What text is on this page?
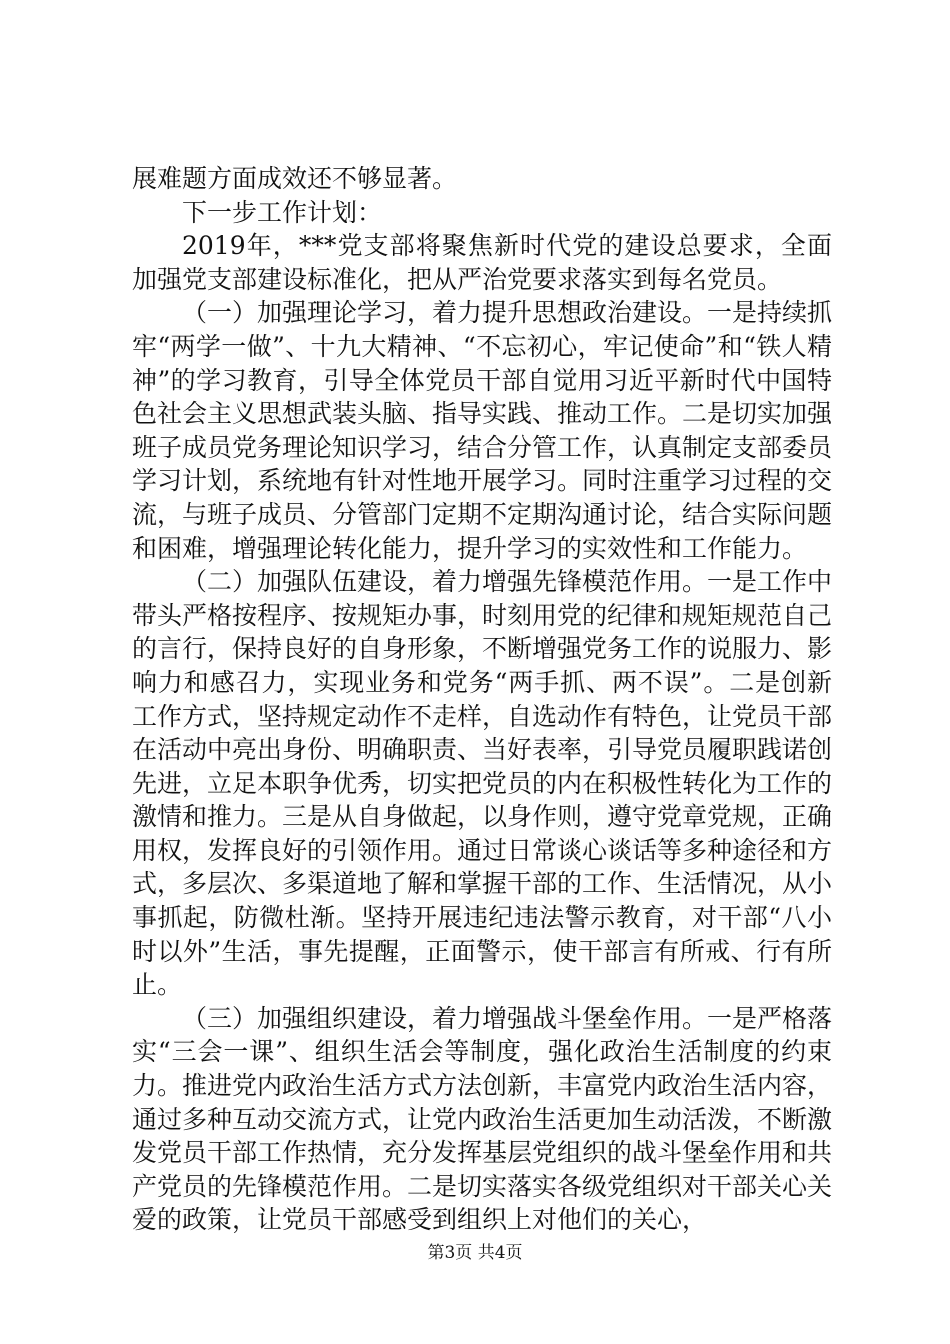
展难题方面成效还不够显著。

下一步工作计划：

2019年，***党支部将聚焦新时代党的建设总要求，全面加强党支部建设标准化，把从严治党要求落实到每名党员。

（一）加强理论学习，着力提升思想政治建设。一是持续抓牢“两学一做”、十九大精神、“不忘初心，牢记使命”和“铁人精神”的学习教育，引导全体党员干部自觉用习近平新时代中国特色社会主义思想武装头脑、指导实践、推动工作。二是切实加强班子成员党务理论知识学习，结合分管工作，认真制定支部委员学习计划，系统地有针对性地开展学习。同时注重学习过程的交流，与班子成员、分管部门定期不定期沟通讨论，结合实际问题和困难，增强理论转化能力，提升学习的实效性和工作能力。

（二）加强队伍建设，着力增强先锋模范作用。一是工作中带头严格按程序、按规矩办事，时刻用党的纪律和规矩规范自己的言行，保持良好的自身形象，不断增强党务工作的说服力、影响力和感召力，实现业务和党务“两手抓、两不误”。二是创新工作方式，坚持规定动作不走样，自选动作有特色，让党员干部在活动中亮出身份、明确职责、当好表率，引导党员履职践诺创先进，立足本职争优秀，切实把党员的内在积极性转化为工作的激情和推力。三是从自身做起，以身作则，遵守党章党规，正确用权，发挥良好的引领作用。通过日常谈心谈话等多种途径和方式，多层次、多渠道地了解和掌握干部的工作、生活情况，从小事抓起，防微杜渐。坚持开展违纪违法警示教育，对干部“八小时以外”生活，事先提醒，正面警示，使干部言有所戒、行有所止。

（三）加强组织建设，着力增强战斗堡垒作用。一是严格落实“三会一课”、组织生活会等制度，强化政治生活制度的约束力。推进党内政治生活方式方法创新，丰富党内政治生活内容，通过多种互动交流方式，让党内政治生活更加生动活泼，不断激发党员干部工作热情，充分发挥基层党组织的战斗堡垒作用和共产党员的先锋模范作用。二是切实落实各级党组织对干部关心关爱的政策，让党员干部感受到组织上对他们的关心，

第3页 共4页
